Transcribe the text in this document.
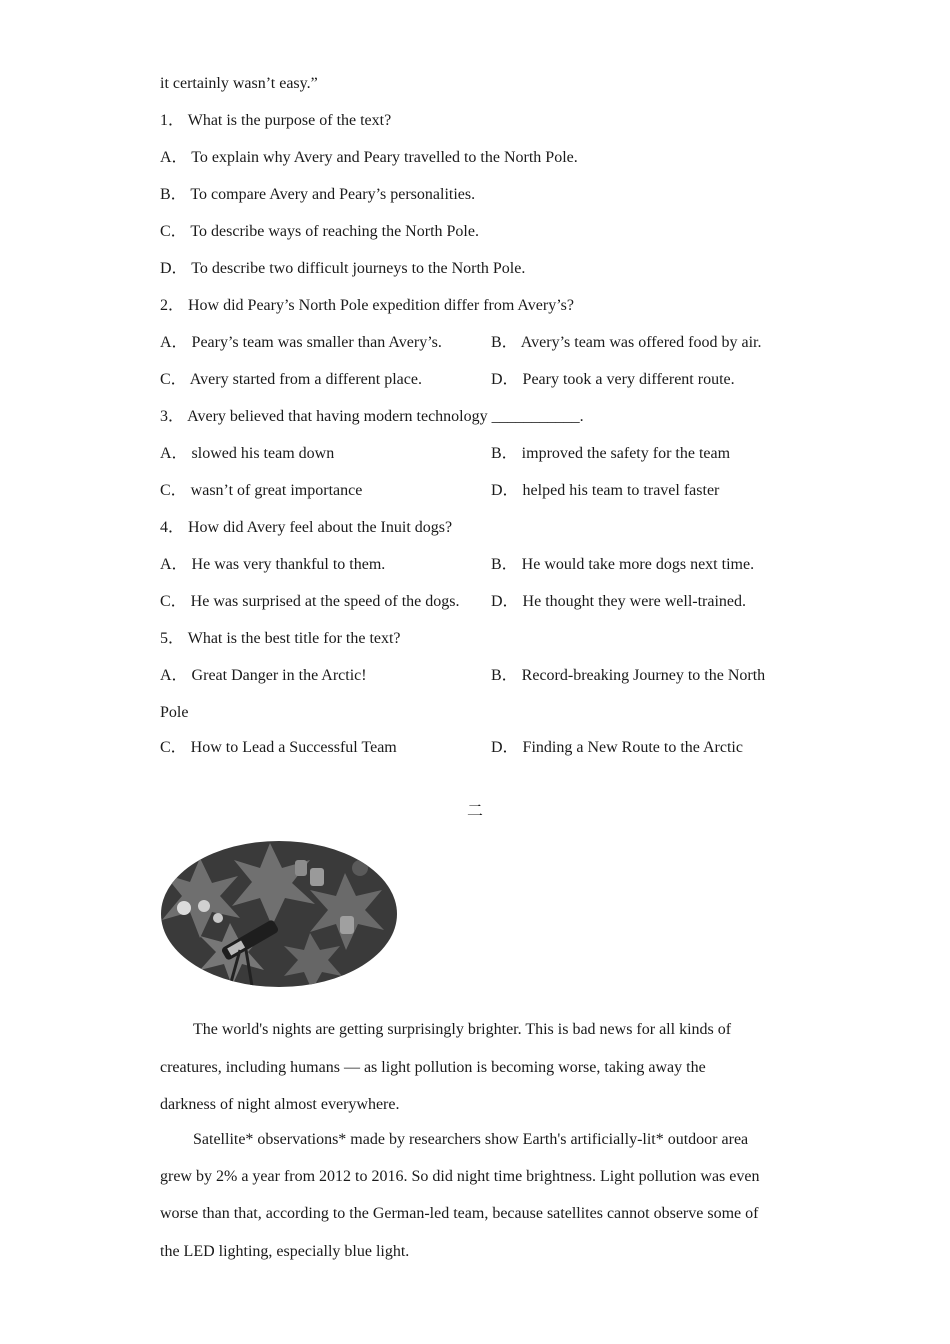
it certainly wasn’t easy.”
1． What is the purpose of the text?
A． To explain why Avery and Peary travelled to the North Pole.
B． To compare Avery and Peary’s personalities.
C． To describe ways of reaching the North Pole.
D． To describe two difficult journeys to the North Pole.
2． How did Peary’s North Pole expedition differ from Avery’s?
A． Peary’s team was smaller than Avery’s.	B． Avery’s team was offered food by air.
C． Avery started from a different place.	D． Peary took a very different route.
3． Avery believed that having modern technology ___________.
A． slowed his team down	B． improved the safety for the team
C． wasn’t of great importance	D． helped his team to travel faster
4． How did Avery feel about the Inuit dogs?
A． He was very thankful to them.	B． He would take more dogs next time.
C． He was surprised at the speed of the dogs. D． He thought they were well-trained.
5． What is the best title for the text?
A． Great Danger in the Arctic!	B． Record-breaking Journey to the North
Pole
C． How to Lead a Successful Team	D． Finding a New Route to the Arctic
二
The world's nights are getting surprisingly brighter. This is bad news for all kinds of
creatures, including humans — as light pollution is becoming worse, taking away the
darkness of night almost everywhere.
Satellite* observations* made by researchers show Earth's artificially-lit* outdoor area
grew by 2% a year from 2012 to 2016. So did night time brightness. Light pollution was even
worse than that, according to the German-led team, because satellites cannot observe some of
the LED lighting, especially blue light.
